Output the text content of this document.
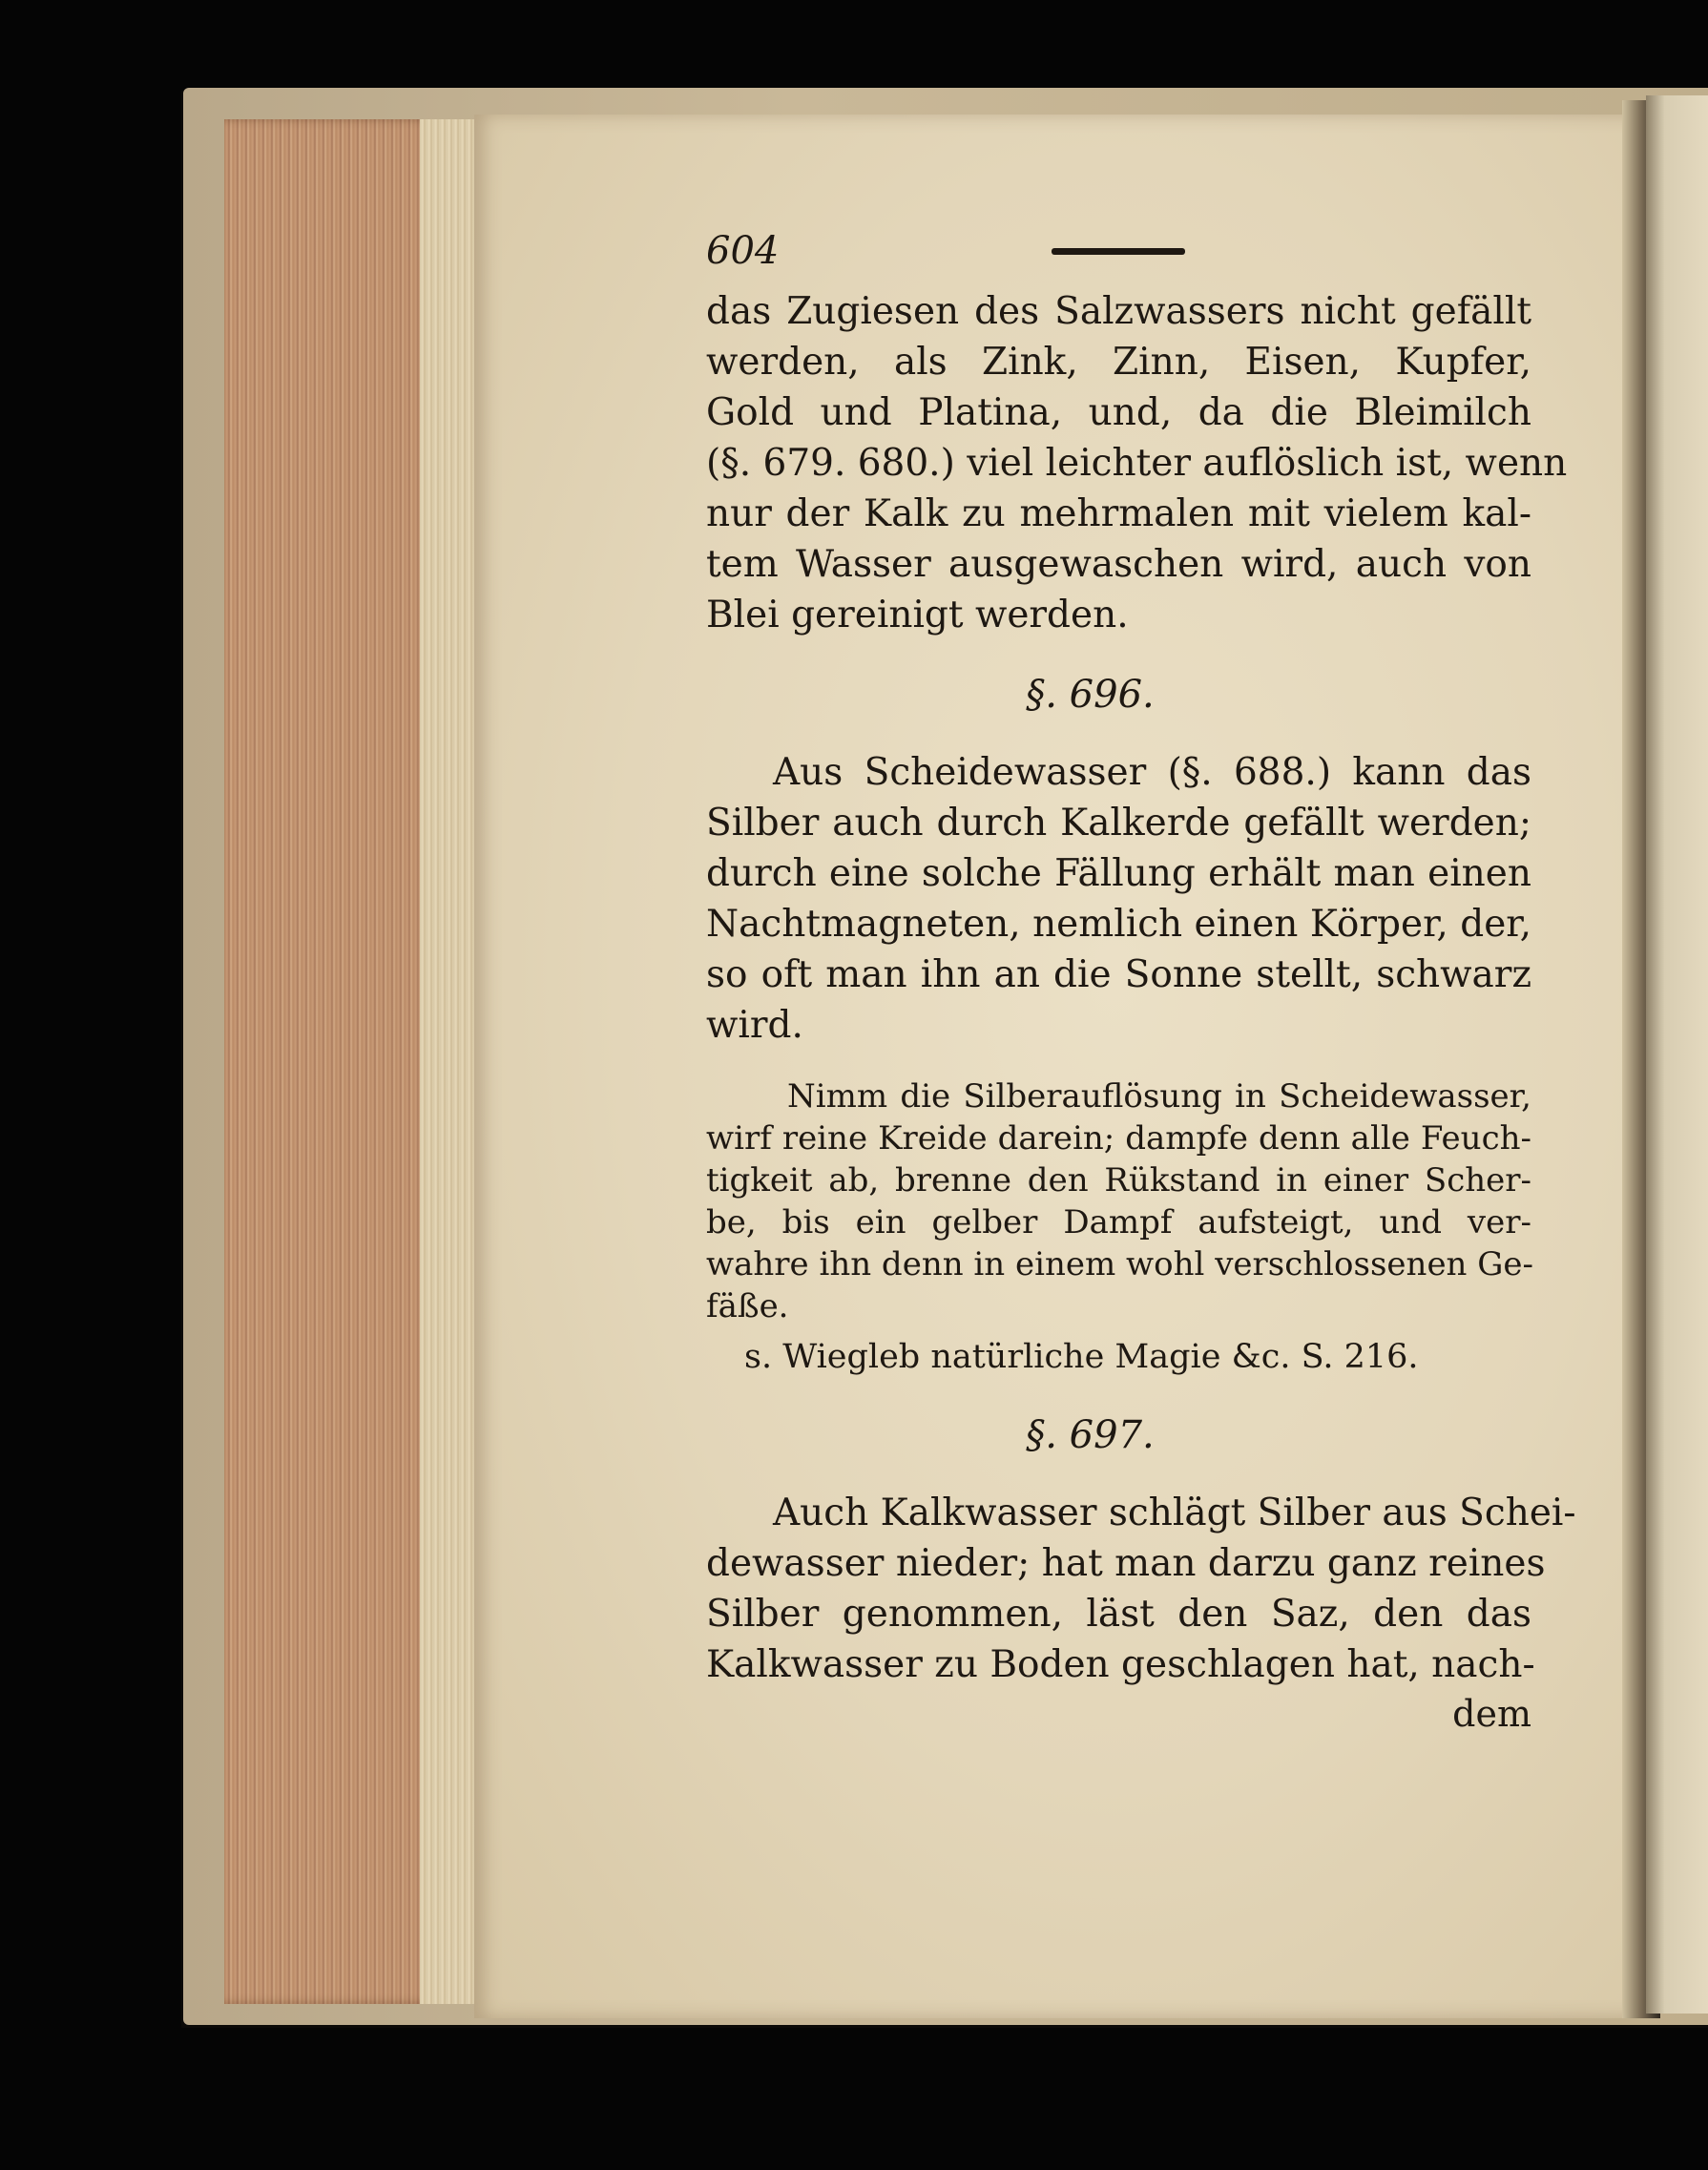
604

das Zugiesen des Salzwassers nicht gefällt
werden, als Zink, Zinn, Eisen, Kupfer,
Gold und Platina, und, da die Bleimilch
(§. 679. 680.) viel leichter auflöslich ist, wenn
nur der Kalk zu mehrmalen mit vielem kal-
tem Wasser ausgewaschen wird, auch von
Blei gereinigt werden.

§. 696.

Aus Scheidewasser (§. 688.) kann das
Silber auch durch Kalkerde gefällt werden;
durch eine solche Fällung erhält man einen
Nachtmagneten, nemlich einen Körper, der,
so oft man ihn an die Sonne stellt, schwarz
wird.

Nimm die Silberauflösung in Scheidewasser,
wirf reine Kreide darein; dampfe denn alle Feuch-
tigkeit ab, brenne den Rükstand in einer Scher-
be, bis ein gelber Dampf aufsteigt, und ver-
wahre ihn denn in einem wohl verschlossenen Ge-
fäße.

s. Wiegleb natürliche Magie &c. S. 216.
§. 697.

Auch Kalkwasser schlägt Silber aus Schei-
dewasser nieder; hat man darzu ganz reines
Silber genommen, läst den Saz, den das
Kalkwasser zu Boden geschlagen hat, nach-

dem
